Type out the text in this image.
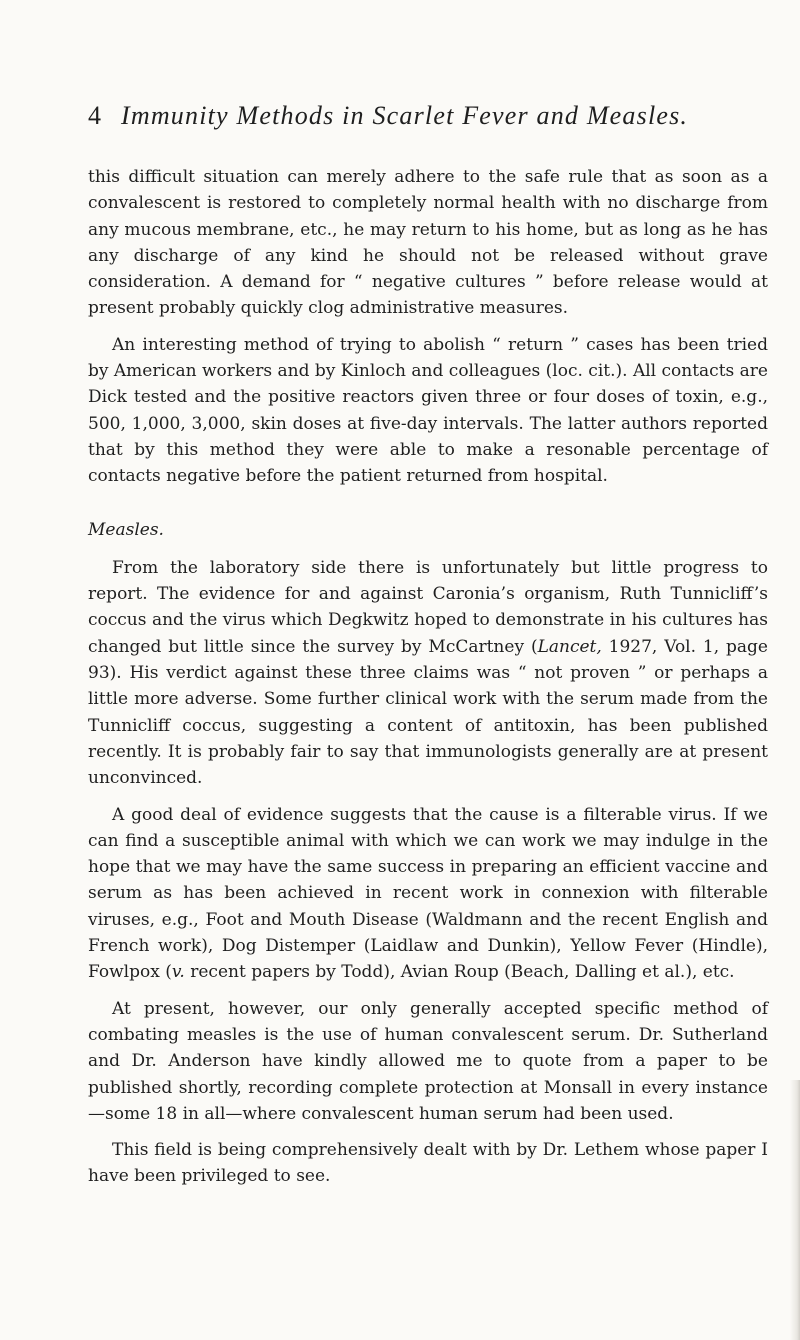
4 Immunity Methods in Scarlet Fever and Measles.

this difficult situation can merely adhere to the safe rule that as soon as a convalescent is restored to completely normal health with no discharge from any mucous membrane, etc., he may return to his home, but as long as he has any discharge of any kind he should not be released without grave consideration. A demand for “ negative cultures ” before release would at present probably quickly clog administrative measures.

An interesting method of trying to abolish “ return ” cases has been tried by American workers and by Kinloch and colleagues (loc. cit.). All contacts are Dick tested and the positive reactors given three or four doses of toxin, e.g., 500, 1,000, 3,000, skin doses at five-day intervals. The latter authors reported that by this method they were able to make a resonable percentage of contacts negative before the patient returned from hospital.

Measles.

From the laboratory side there is unfortunately but little progress to report. The evidence for and against Caronia’s organism, Ruth Tunnicliff’s coccus and the virus which Degkwitz hoped to demonstrate in his cultures has changed but little since the survey by McCartney (Lancet, 1927, Vol. 1, page 93). His verdict against these three claims was “ not proven ” or perhaps a little more adverse. Some further clinical work with the serum made from the Tunnicliff coccus, suggesting a content of antitoxin, has been published recently. It is probably fair to say that immunologists generally are at present unconvinced.

A good deal of evidence suggests that the cause is a filterable virus. If we can find a susceptible animal with which we can work we may indulge in the hope that we may have the same success in preparing an efficient vaccine and serum as has been achieved in recent work in connexion with filterable viruses, e.g., Foot and Mouth Disease (Waldmann and the recent English and French work), Dog Distemper (Laidlaw and Dunkin), Yellow Fever (Hindle), Fowlpox (v. recent papers by Todd), Avian Roup (Beach, Dalling et al.), etc.

At present, however, our only generally accepted specific method of combating measles is the use of human convalescent serum. Dr. Sutherland and Dr. Anderson have kindly allowed me to quote from a paper to be published shortly, recording complete protection at Monsall in every instance —some 18 in all—where convalescent human serum had been used.

This field is being comprehensively dealt with by Dr. Lethem whose paper I have been privileged to see.
